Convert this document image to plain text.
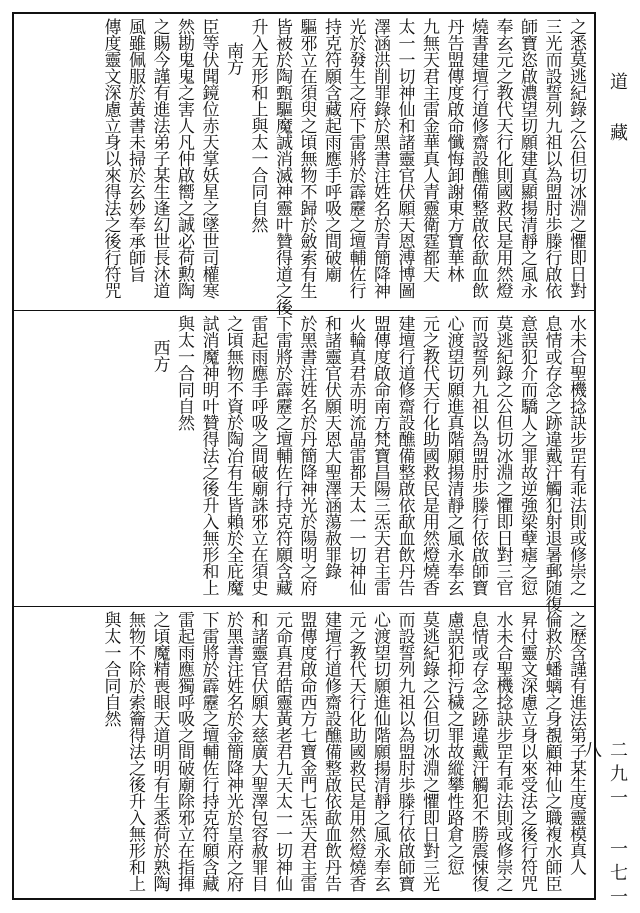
之悉莫逃紀錄之公但切冰淵之懼即日對
三光而設誓列九祖以為盟肘歩滕行啟依
師寶恣啟濃望切願建真顯揚清靜之風永
奉玄元之教代天行化則國救民是用然燈
燒書建壇行道修齋設醮備整啟依歃血飲
丹告盟傳度啟命懺悔卸謝東方寶華林
九無天君主雷金華真人青靈衛霆都天
太一一切神仙和諸靈官伏願天恩溥博圖
澤涵洪削罪錄於黑書注姓名於青簡降神
光於發生之府下雷將於霹靂之壇輔佐行
持克符願含藏起雨應手呼吸之間破廟
驅邪立在須臾之頃無物不歸於斂索有生
皆被於陶甄驅魔誠消滅神靈叶贊得道之後
升入无形和上與太一合同自然
南方
臣等伏聞鏡位赤天掌妖星之墜世司權寒
然勘鬼鬼之害人凡仲啟嚮之誠必荷勲陶
之賜今謹有進法弟子某生逢幻世長沐道
風雖佩服於黃書未掃於玄妙奉承師旨
傳度靈文深慮立身以來得法之後行符咒
水未合聖機捻訣步罡有乖法則或修崇之
息情或存念之跡違戴汗觸犯射退暑郵随復
意誤犯介而驕人之罪故逆強梁孽瘧之愆
莫逃紀錄之公但切冰淵之懼即日對三官
而設誓列九祖以為盟肘歩滕行依啟師寶
心渡望切願進真階願揚清靜之風永奉玄
元之教代天行化助國救民是用然燈燒香
建壇行道修齋設醮備整啟依歃血飲丹告
盟傳度啟命南方梵寶昌陽三炁天君主雷
火輪真君赤明流晶雷都天太一一切神仙
和諸靈官伏願天恩大聖澤涵蕩赦罪錄
於黑書注姓名於丹簡降神光於陽明之府
下雷將於霹靂之壇輔佐行持克符願含藏
雷起雨應手呼吸之間破廟誅邪立在須史
之頃無物不資於陶冶有生皆賴於全庇魔
試消魔神明叶贊得法之後升入無形和上
與太一合同自然
西方
之歷含謹有進法第子某生度靈模真人
倫救於蟠螭之身覩顧神仙之職複水師臣
昇付靈文深慮立身以來受法之後行符咒
水未合聖機捻訣步罡有乖法則或修崇之
息情或存念之跡違戴汗觸犯不勝震悚復
慮誤犯抑污穢之罪故縱攀性路倉之愆
莫逃紀錄之公但切冰淵之懼即日對三光
而設誓列九祖以為盟肘歩滕行依啟師寶
心渡望切願進仙階願揚清靜之風永奉玄
元之教代天行化助國救民是用然燈燒香
建壇行道修齋設醮備整啟依歃血飲丹告
盟傳度啟命西方七寶金門七炁天君主雷
元命真君皓靈黃老君九天太一一切神仙
和諸靈官伏願大慈廣大聖澤包容赦罪目
於黑書注姓名於金簡降神光於皇府之府
下雷將於霹靂之壇輔佐行持克符願含藏
雷起雨應獨呼吸之間破廟除邪立在指揮
之頃魔精喪眼天道明明有生悉荷於熟陶
無物不除於索籥得法之後升入無形和上
與太一合同自然
道 藏
二九一 一七一八
